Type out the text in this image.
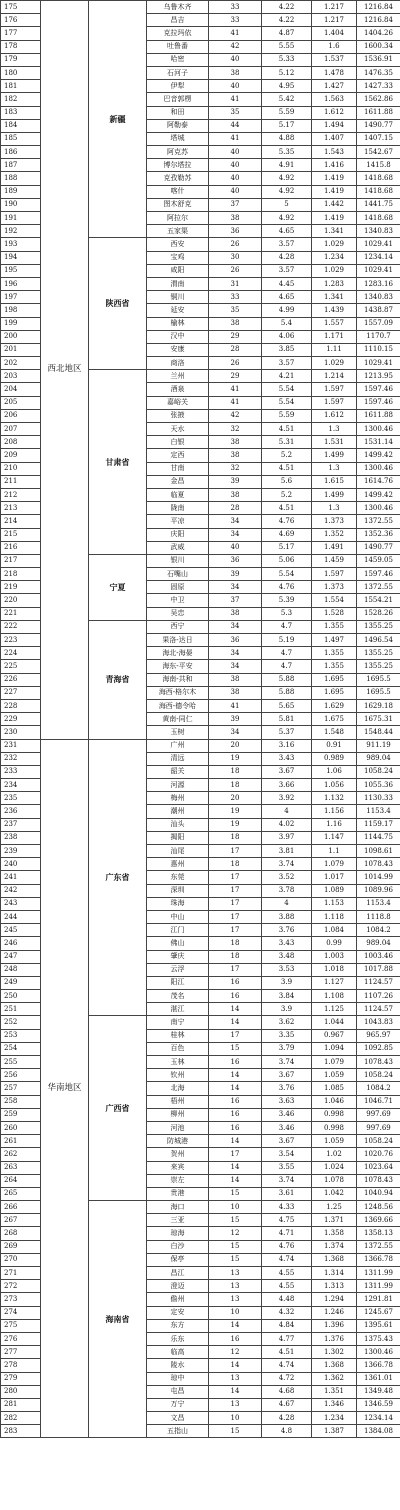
175	西北地区	新疆	乌鲁木齐	33	4.22	1.217	1216.84
176			昌吉	33	4.22	1.217	1216.84
177			克拉玛依	41	4.87	1.404	1404.26
178			吐鲁番	42	5.55	1.6	1600.34
179			哈密	40	5.33	1.537	1536.91
180			石河子	38	5.12	1.478	1476.35
181			伊犁	40	4.95	1.427	1427.33
182			巴音郭楞	41	5.42	1.563	1562.86
183			和田	35	5.59	1.612	1611.88
184			阿勒泰	44	5.17	1.494	1490.77
185			塔城	41	4.88	1.407	1407.15
186			阿克苏	40	5.35	1.543	1542.67
187			博尔塔拉	40	4.91	1.416	1415.8
188			克孜勒苏	40	4.92	1.419	1418.68
189			喀什	40	4.92	1.419	1418.68
190			图木舒克	37	5	1.442	1441.75
191			阿拉尔	38	4.92	1.419	1418.68
192			五家渠	36	4.65	1.341	1340.83
193		陕西省	西安	26	3.57	1.029	1029.41
194			宝鸡	30	4.28	1.234	1234.14
195			咸阳	26	3.57	1.029	1029.41
196			渭南	31	4.45	1.283	1283.16
197			铜川	33	4.65	1.341	1340.83
198			延安	35	4.99	1.439	1438.87
199			榆林	38	5.4	1.557	1557.09
200			汉中	29	4.06	1.171	1170.7
201			安康	28	3.85	1.11	1110.15
202			商洛	26	3.57	1.029	1029.41
203		甘肃省	兰州	29	4.21	1.214	1213.95
204			酒泉	41	5.54	1.597	1597.46
205			嘉峪关	41	5.54	1.597	1597.46
206			张掖	42	5.59	1.612	1611.88
207			天水	32	4.51	1.3	1300.46
208			白银	38	5.31	1.531	1531.14
209			定西	38	5.2	1.499	1499.42
210			甘南	32	4.51	1.3	1300.46
211			金昌	39	5.6	1.615	1614.76
212			临夏	38	5.2	1.499	1499.42
213			陇南	28	4.51	1.3	1300.46
214			平凉	34	4.76	1.373	1372.55
215			庆阳	34	4.69	1.352	1352.36
216			武威	40	5.17	1.491	1490.77
217		宁夏	银川	36	5.06	1.459	1459.05
218			石嘴山	39	5.54	1.597	1597.46
219			固原	34	4.76	1.373	1372.55
220			中卫	37	5.39	1.554	1554.21
221			吴忠	38	5.3	1.528	1528.26
222		青海省	西宁	34	4.7	1.355	1355.25
223			果洛-达日	36	5.19	1.497	1496.54
224			海北-海晏	34	4.7	1.355	1355.25
225			海东-平安	34	4.7	1.355	1355.25
226			海南-共和	38	5.88	1.695	1695.5
227			海西-格尔木	38	5.88	1.695	1695.5
228			海西-德令哈	41	5.65	1.629	1629.18
229			黄南-同仁	39	5.81	1.675	1675.31
230			玉树	34	5.37	1.548	1548.44
231	华南地区	广东省	广州	20	3.16	0.91	911.19
232			清远	19	3.43	0.989	989.04
233			韶关	18	3.67	1.06	1058.24
234			河源	18	3.66	1.056	1055.36
235			梅州	20	3.92	1.132	1130.33
236			潮州	19	4	1.156	1153.4
237			汕头	19	4.02	1.16	1159.17
238			揭阳	18	3.97	1.147	1144.75
239			汕尾	17	3.81	1.1	1098.61
240			惠州	18	3.74	1.079	1078.43
241			东莞	17	3.52	1.017	1014.99
242			深圳	17	3.78	1.089	1089.96
243			珠海	17	4	1.153	1153.4
244			中山	17	3.88	1.118	1118.8
245			江门	17	3.76	1.084	1084.2
246			佛山	18	3.43	0.99	989.04
247			肇庆	18	3.48	1.003	1003.46
248			云浮	17	3.53	1.018	1017.88
249			阳江	16	3.9	1.127	1124.57
250			茂名	16	3.84	1.108	1107.26
251			湛江	14	3.9	1.125	1124.57
252		广西省	南宁	14	3.62	1.044	1043.83
253			桂林	17	3.35	0.967	965.97
254			百色	15	3.79	1.094	1092.85
255			玉林	16	3.74	1.079	1078.43
256			钦州	14	3.67	1.059	1058.24
257			北海	14	3.76	1.085	1084.2
258			梧州	16	3.63	1.046	1046.71
259			柳州	16	3.46	0.998	997.69
260			河池	16	3.46	0.998	997.69
261			防城港	14	3.67	1.059	1058.24
262			贺州	17	3.54	1.02	1020.76
263			来宾	14	3.55	1.024	1023.64
264			崇左	14	3.74	1.078	1078.43
265			贵港	15	3.61	1.042	1040.94
266		海南省	海口	10	4.33	1.25	1248.56
267			三亚	15	4.75	1.371	1369.66
268			琼海	12	4.71	1.358	1358.13
269			白沙	15	4.76	1.374	1372.55
270			保亭	15	4.74	1.368	1366.78
271			昌江	13	4.55	1.314	1311.99
272			澄迈	13	4.55	1.313	1311.99
273			儋州	13	4.48	1.294	1291.81
274			定安	10	4.32	1.246	1245.67
275			东方	14	4.84	1.396	1395.61
276			乐东	16	4.77	1.376	1375.43
277			临高	12	4.51	1.302	1300.46
278			陵水	14	4.74	1.368	1366.78
279			琼中	13	4.72	1.362	1361.01
280			屯昌	14	4.68	1.351	1349.48
281			万宁	13	4.67	1.346	1346.59
282			文昌	10	4.28	1.234	1234.14
283			五指山	15	4.8	1.387	1384.08
